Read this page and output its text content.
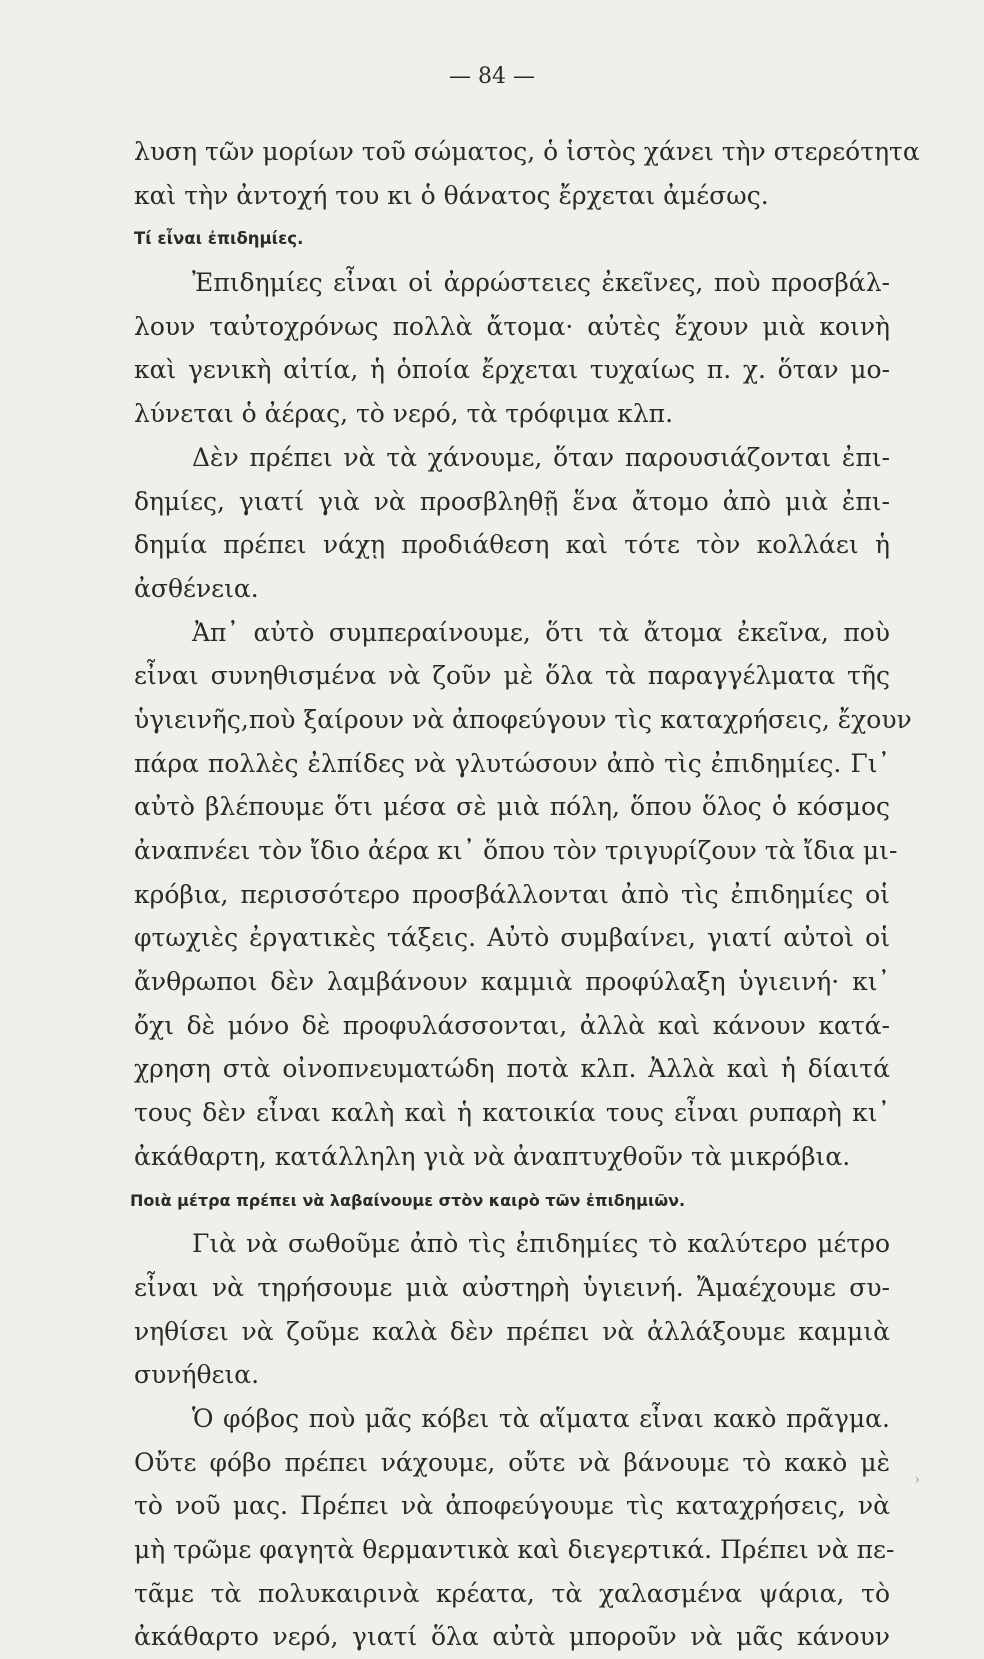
— 84 —
λυση τῶν μορίων τοῦ σώματος, ὁ ἱστὸς χάνει τὴν στερεότητα
καὶ τὴν ἀντοχή του κι ὁ θάνατος ἔρχεται ἀμέσως.
Τί εἶναι ἐπιδημίες.
Ἐπιδημίες εἶναι οἱ ἀρρώστειες ἐκεῖνες, ποὺ προσβάλ-
λουν ταὐτοχρόνως πολλὰ ἄτομα· αὐτὲς ἔχουν μιὰ κοινὴ
καὶ γενικὴ αἰτία, ἡ ὁποία ἔρχεται τυχαίως π. χ. ὅταν μο-
λύνεται ὁ ἀέρας, τὸ νερό, τὰ τρόφιμα κλπ.
Δὲν πρέπει νὰ τὰ χάνουμε, ὅταν παρουσιάζονται ἐπι-
δημίες, γιατί γιὰ νὰ προσβληθῇ ἕνα ἄτομο ἀπὸ μιὰ ἐπι-
δημία πρέπει νάχῃ προδιάθεση καὶ τότε τὸν κολλάει ἡ
ἀσθένεια.
Ἀπ᾽ αὐτὸ συμπεραίνουμε, ὅτι τὰ ἄτομα ἐκεῖνα, ποὺ
εἶναι συνηθισμένα νὰ ζοῦν μὲ ὅλα τὰ παραγγέλματα τῆς
ὑγιεινῆς,ποὺ ξαίρουν νὰ ἀποφεύγουν τὶς καταχρήσεις, ἔχουν
πάρα πολλὲς ἐλπίδες νὰ γλυτώσουν ἀπὸ τὶς ἐπιδημίες. Γι᾽
αὐτὸ βλέπουμε ὅτι μέσα σὲ μιὰ πόλη, ὅπου ὅλος ὁ κόσμος
ἀναπνέει τὸν ἴδιο ἀέρα κι᾽ ὅπου τὸν τριγυρίζουν τὰ ἴδια μι-
κρόβια, περισσότερο προσβάλλονται ἀπὸ τὶς ἐπιδημίες οἱ
φτωχιὲς ἐργατικὲς τάξεις. Αὐτὸ συμβαίνει, γιατί αὐτοὶ οἱ
ἄνθρωποι δὲν λαμβάνουν καμμιὰ προφύλαξη ὑγιεινή· κι᾽
ὄχι δὲ μόνο δὲ προφυλάσσονται, ἀλλὰ καὶ κάνουν κατά-
χρηση στὰ οἰνοπνευματώδη ποτὰ κλπ. Ἀλλὰ καὶ ἡ δίαιτά
τους δὲν εἶναι καλὴ καὶ ἡ κατοικία τους εἶναι ρυπαρὴ κι᾽
ἀκάθαρτη, κατάλληλη γιὰ νὰ ἀναπτυχθοῦν τὰ μικρόβια.
Ποιὰ μέτρα πρέπει νὰ λαβαίνουμε στὸν καιρὸ τῶν ἐπιδημιῶν.
Γιὰ νὰ σωθοῦμε ἀπὸ τὶς ἐπιδημίες τὸ καλύτερο μέτρο
εἶναι νὰ τηρήσουμε μιὰ αὐστηρὴ ὑγιεινή. Ἄμαέχουμε συ-
νηθίσει νὰ ζοῦμε καλὰ δὲν πρέπει νὰ ἀλλάξουμε καμμιὰ
συνήθεια.
Ὁ φόβος ποὺ μᾶς κόβει τὰ αἵματα εἶναι κακὸ πρᾶγμα.
Οὔτε φόβο πρέπει νάχουμε, οὔτε νὰ βάνουμε τὸ κακὸ μὲ
τὸ νοῦ μας. Πρέπει νὰ ἀποφεύγουμε τὶς καταχρήσεις, νὰ
μὴ τρῶμε φαγητὰ θερμαντικὰ καὶ διεγερτικά. Πρέπει νὰ πε-
τᾶμε τὰ πολυκαιρινὰ κρέατα, τὰ χαλασμένα ψάρια, τὸ
ἀκάθαρτο νερό, γιατί ὅλα αὐτὰ μποροῦν νὰ μᾶς κάνουν
›
